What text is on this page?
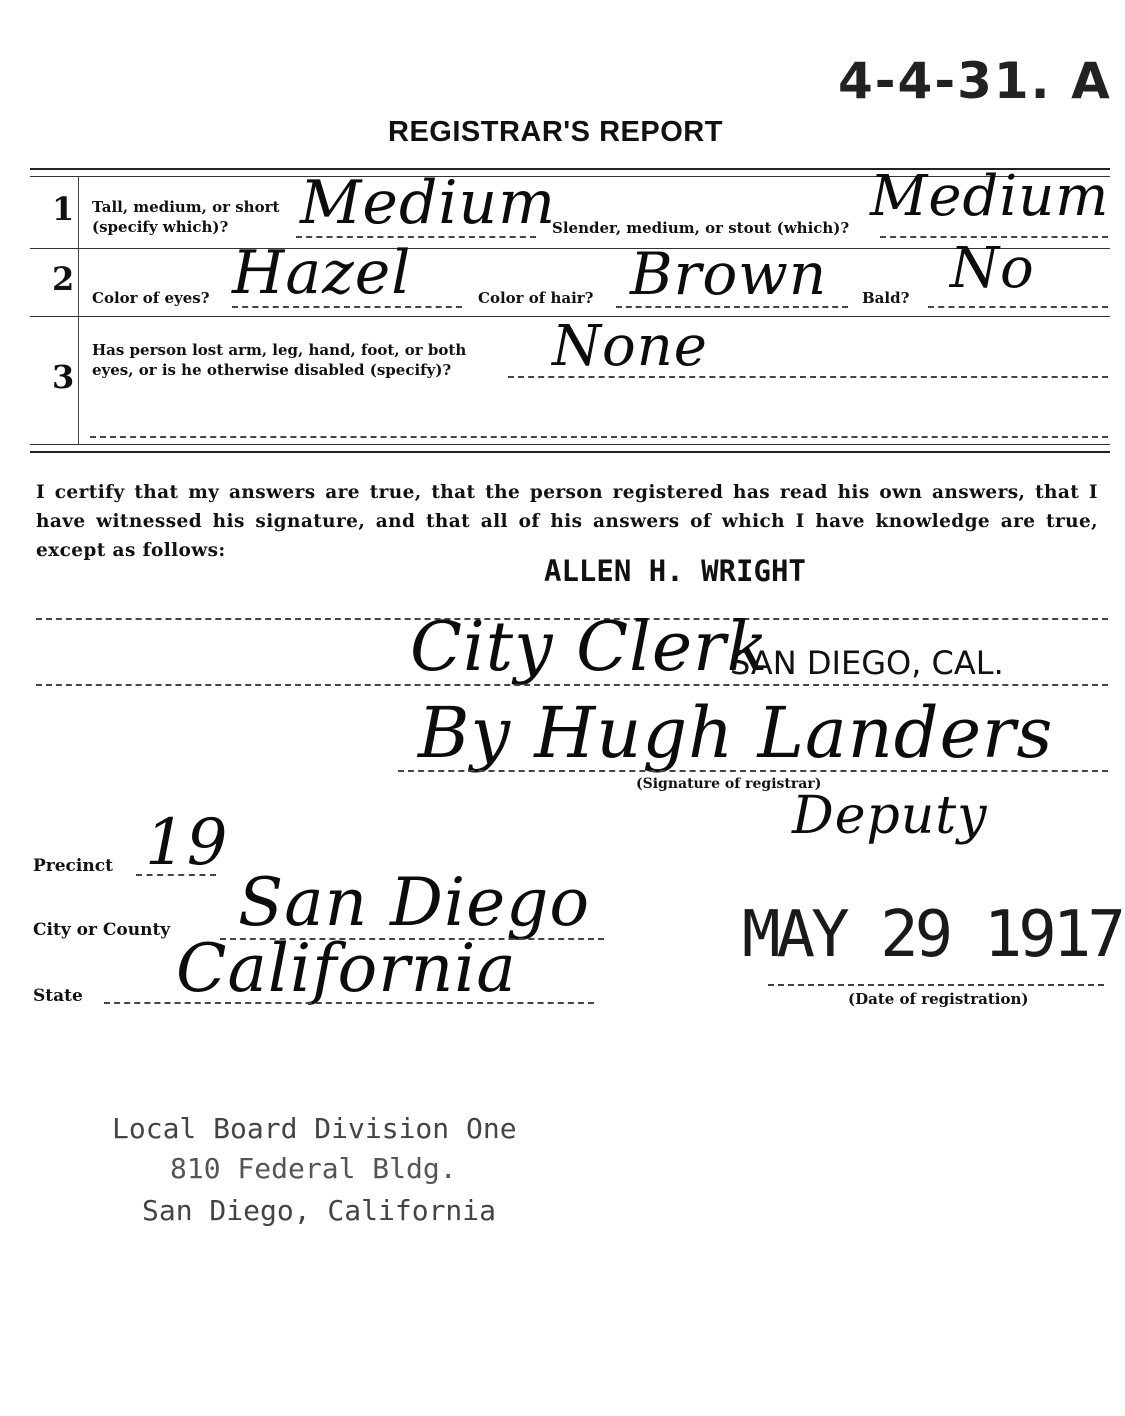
4-4-31. A
REGISTRAR'S REPORT
1 Tall, medium, or short (specify which)?	Medium
Slender, medium, or stout (which)? Medium
2 Color of eyes? Hazel	Color of hair? Brown Bald? No
3
Has person lost arm, leg, hand, foot, or both eyes, or is he otherwise disabled (specify)?	None
I certify that my answers are true, that the person registered has read his own answers, that I have witnessed his signature, and that all of his answers of which I have knowledge are true, except as follows:
ALLEN H. WRIGHT
City Clerk
SAN DIEGO, CAL.
By Hugh Landers
(Signature of registrar)
Deputy
Precinct 19
City or County San Diego
State California	MAY 29 1917
(Date of registration)
Local Board Division One
810 Federal Bldg.
San Diego, California
